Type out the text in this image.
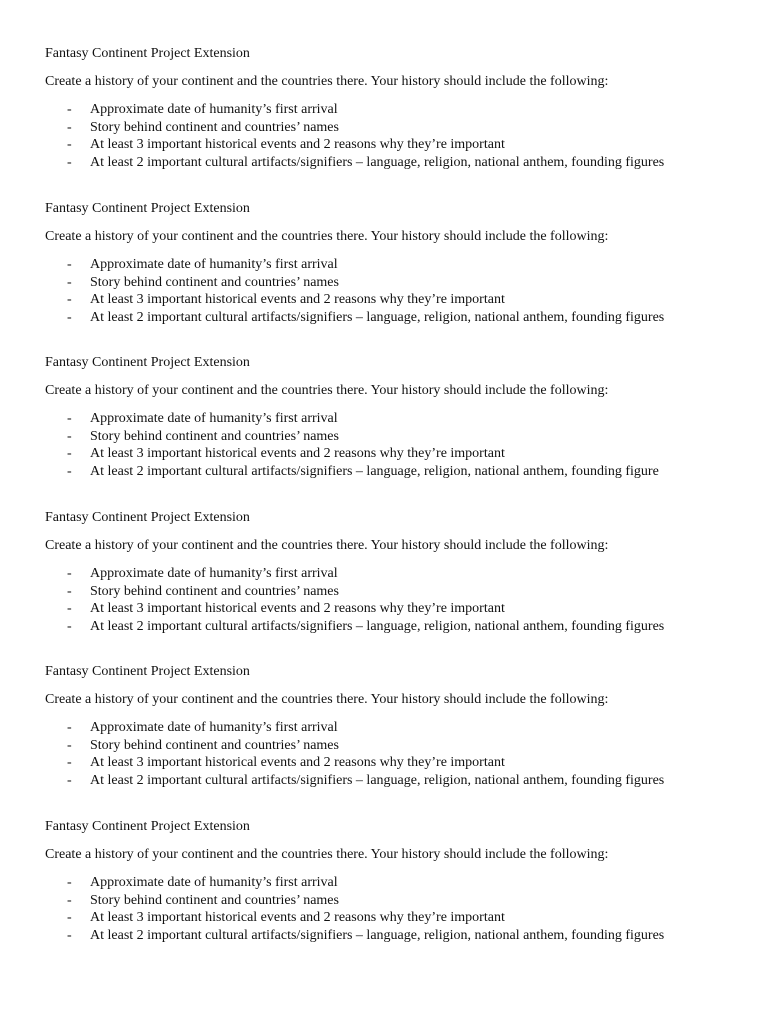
Fantasy Continent Project Extension
Create a history of your continent and the countries there. Your history should include the following:
- Approximate date of humanity’s first arrival
- Story behind continent and countries’ names
- At least 3 important historical events and 2 reasons why they’re important
- At least 2 important cultural artifacts/signifiers – language, religion, national anthem, founding figures
Fantasy Continent Project Extension
Create a history of your continent and the countries there. Your history should include the following:
- Approximate date of humanity’s first arrival
- Story behind continent and countries’ names
- At least 3 important historical events and 2 reasons why they’re important
- At least 2 important cultural artifacts/signifiers – language, religion, national anthem, founding figures
Fantasy Continent Project Extension
Create a history of your continent and the countries there. Your history should include the following:
- Approximate date of humanity’s first arrival
- Story behind continent and countries’ names
- At least 3 important historical events and 2 reasons why they’re important
- At least 2 important cultural artifacts/signifiers – language, religion, national anthem, founding figure
Fantasy Continent Project Extension
Create a history of your continent and the countries there. Your history should include the following:
- Approximate date of humanity’s first arrival
- Story behind continent and countries’ names
- At least 3 important historical events and 2 reasons why they’re important
- At least 2 important cultural artifacts/signifiers – language, religion, national anthem, founding figures
Fantasy Continent Project Extension
Create a history of your continent and the countries there. Your history should include the following:
- Approximate date of humanity’s first arrival
- Story behind continent and countries’ names
- At least 3 important historical events and 2 reasons why they’re important
- At least 2 important cultural artifacts/signifiers – language, religion, national anthem, founding figures
Fantasy Continent Project Extension
Create a history of your continent and the countries there. Your history should include the following:
- Approximate date of humanity’s first arrival
- Story behind continent and countries’ names
- At least 3 important historical events and 2 reasons why they’re important
- At least 2 important cultural artifacts/signifiers – language, religion, national anthem, founding figures
